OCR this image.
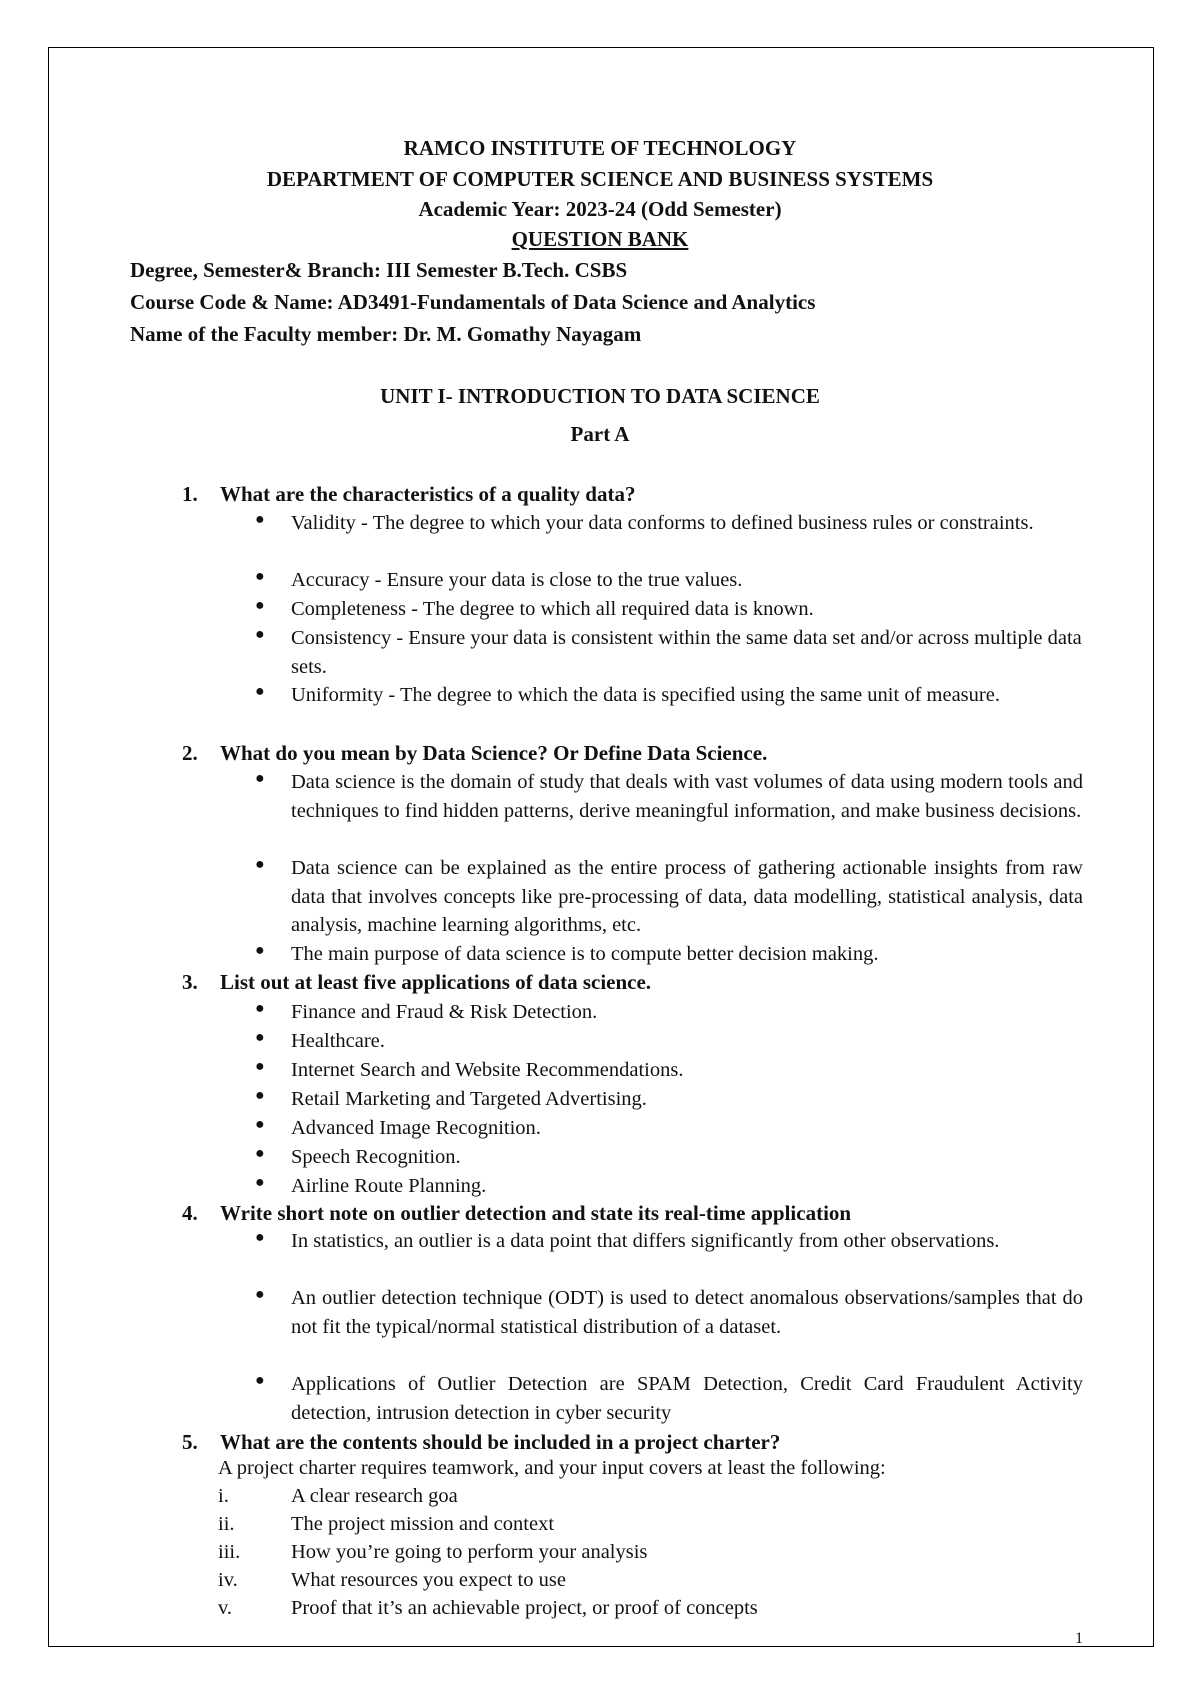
RAMCO INSTITUTE OF TECHNOLOGY
DEPARTMENT OF COMPUTER SCIENCE AND BUSINESS SYSTEMS
Academic Year: 2023-24 (Odd Semester)
QUESTION BANK
Degree, Semester& Branch: III Semester B.Tech. CSBS
Course Code & Name: AD3491-Fundamentals of Data Science and Analytics
Name of the Faculty member: Dr. M. Gomathy Nayagam
UNIT I- INTRODUCTION TO DATA SCIENCE
Part A
1. What are the characteristics of a quality data?
● Validity - The degree to which your data conforms to defined business rules or constraints.
● Accuracy - Ensure your data is close to the true values.
● Completeness - The degree to which all required data is known.
● Consistency - Ensure your data is consistent within the same data set and/or across multiple data sets.
● Uniformity - The degree to which the data is specified using the same unit of measure.
2. What do you mean by Data Science? Or Define Data Science.
● Data science is the domain of study that deals with vast volumes of data using modern tools and techniques to find hidden patterns, derive meaningful information, and make business decisions.
● Data science can be explained as the entire process of gathering actionable insights from raw data that involves concepts like pre-processing of data, data modelling, statistical analysis, data analysis, machine learning algorithms, etc.
● The main purpose of data science is to compute better decision making.
3. List out at least five applications of data science.
● Finance and Fraud & Risk Detection.
● Healthcare.
● Internet Search and Website Recommendations.
● Retail Marketing and Targeted Advertising.
● Advanced Image Recognition.
● Speech Recognition.
● Airline Route Planning.
4. Write short note on outlier detection and state its real-time application
● In statistics, an outlier is a data point that differs significantly from other observations.
● An outlier detection technique (ODT) is used to detect anomalous observations/samples that do not fit the typical/normal statistical distribution of a dataset.
● Applications of Outlier Detection are SPAM Detection, Credit Card Fraudulent Activity detection, intrusion detection in cyber security
5. What are the contents should be included in a project charter?
A project charter requires teamwork, and your input covers at least the following:
i.	A clear research goa
ii.	The project mission and context
iii. How you’re going to perform your analysis
iv.	What resources you expect to use
v.	Proof that it’s an achievable project, or proof of concepts
1
